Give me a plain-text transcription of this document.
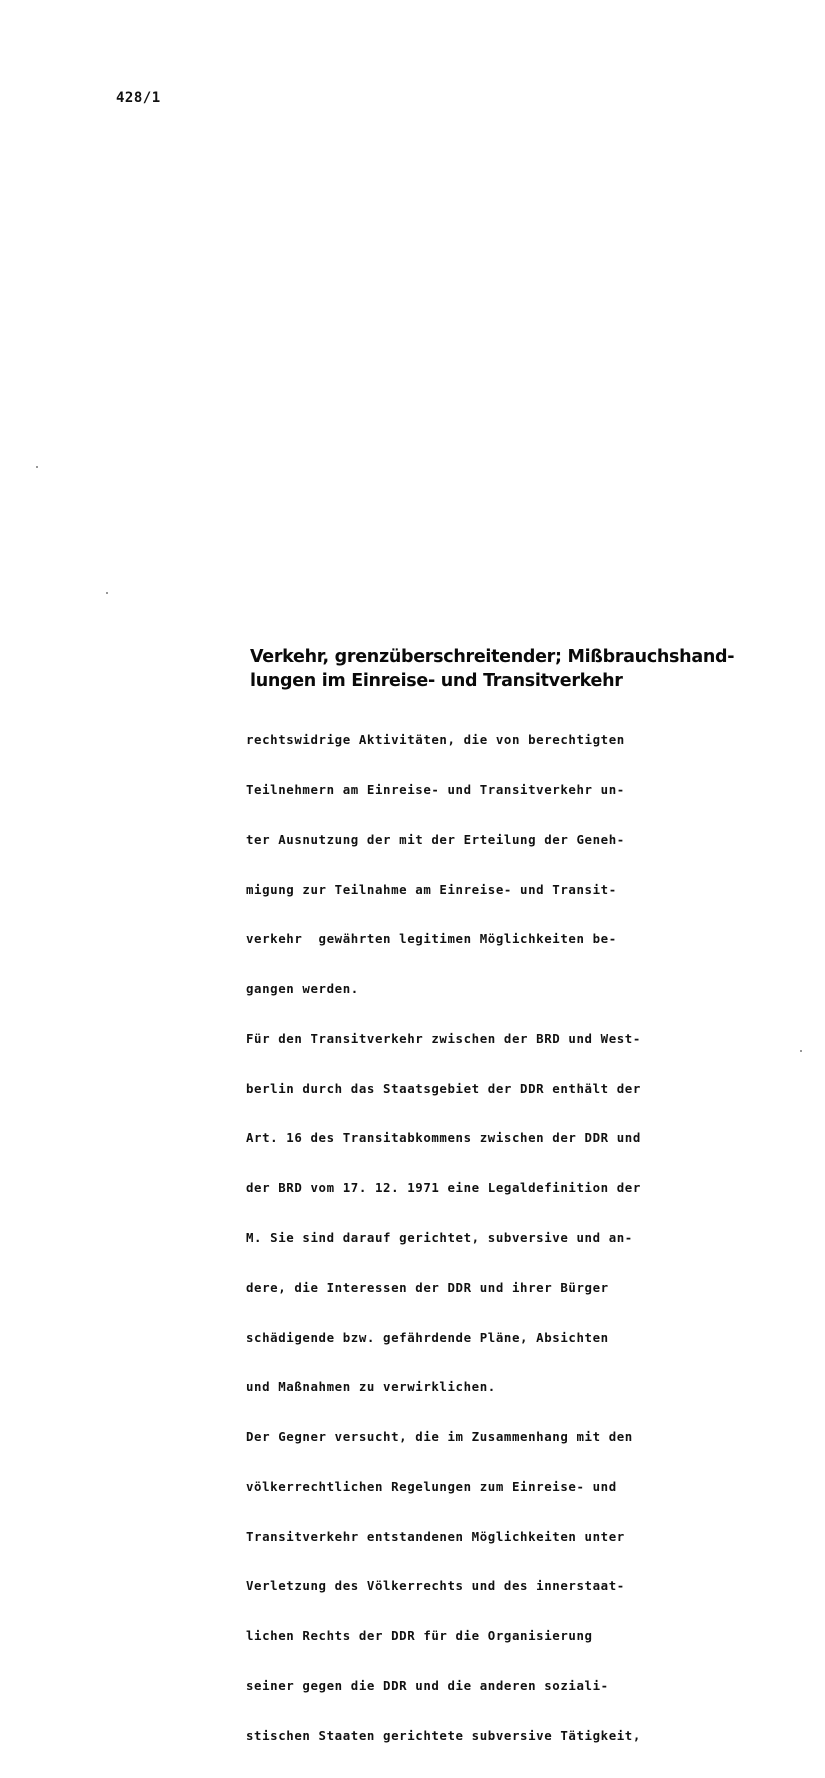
428/1
Verkehr, grenzüberschreitender; Mißbrauchshand-
lungen im Einreise- und Transitverkehr

rechtswidrige Aktivitäten, die von berechtigten

Teilnehmern am Einreise- und Transitverkehr un-

ter Ausnutzung der mit der Erteilung der Geneh-

migung zur Teilnahme am Einreise- und Transit-

verkehr  gewährten legitimen Möglichkeiten be-

gangen werden.

Für den Transitverkehr zwischen der BRD und West-

berlin durch das Staatsgebiet der DDR enthält der

Art. 16 des Transitabkommens zwischen der DDR und

der BRD vom 17. 12. 1971 eine Legaldefinition der

M. Sie sind darauf gerichtet, subversive und an-

dere, die Interessen der DDR und ihrer Bürger

schädigende bzw. gefährdende Pläne, Absichten

und Maßnahmen zu verwirklichen.

Der Gegner versucht, die im Zusammenhang mit den

völkerrechtlichen Regelungen zum Einreise- und

Transitverkehr entstandenen Möglichkeiten unter

Verletzung des Völkerrechts und des innerstaat-

lichen Rechts der DDR für die Organisierung

seiner gegen die DDR und die anderen soziali-

stischen Staaten gerichtete subversive Tätigkeit,
